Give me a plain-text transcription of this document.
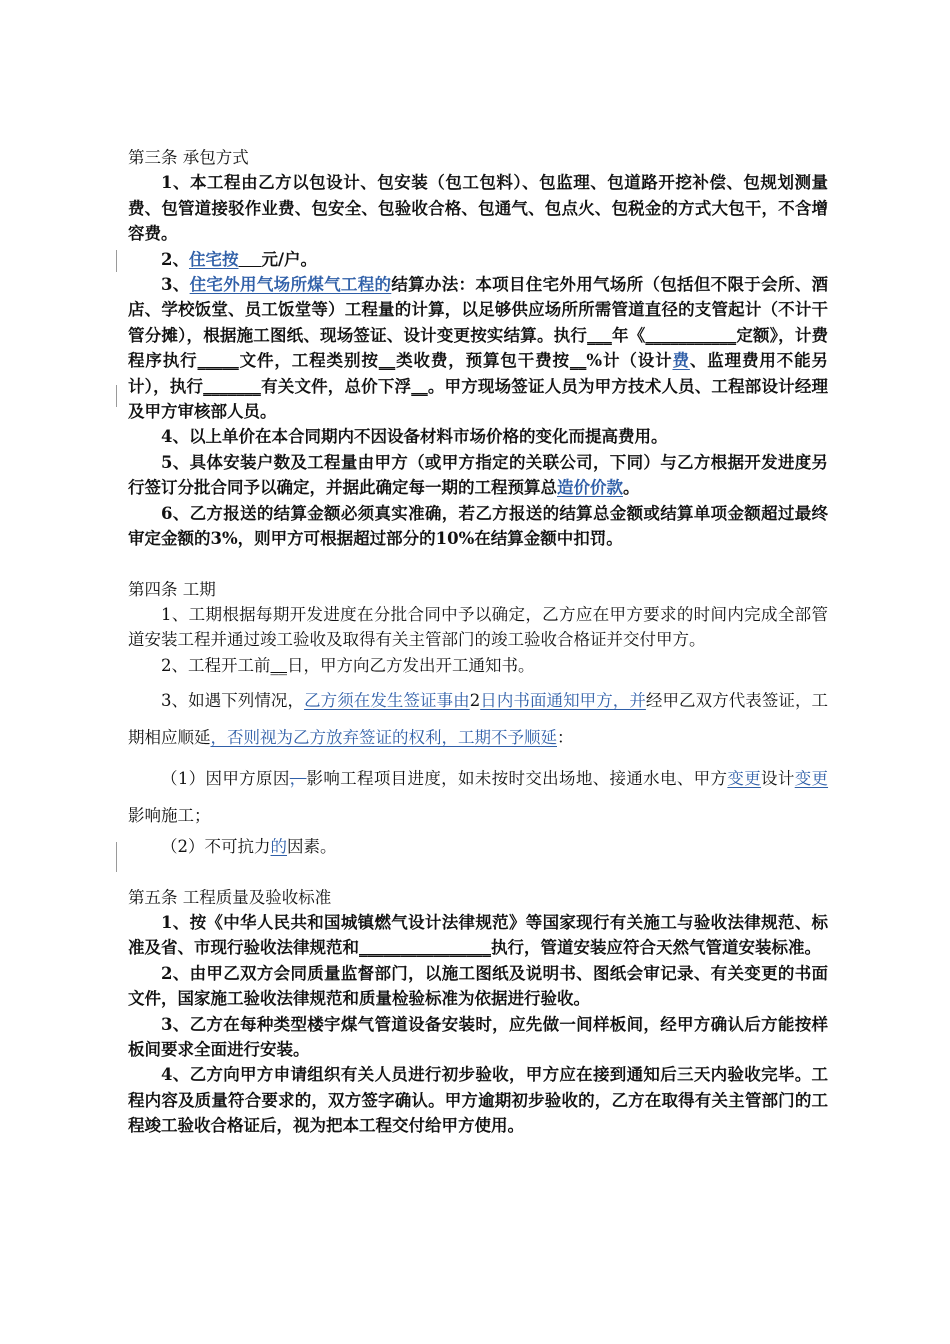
第三条 承包方式

1、本工程由乙方以包设计、包安装（包工包料）、包监理、包道路开挖补偿、包规划测量费、包管道接驳作业费、包安全、包验收合格、包通气、包点火、包税金的方式大包干，不含增容费。

2、住宅按 元/户。

3、住宅外用气场所煤气工程的结算办法：本项目住宅外用气场所（包括但不限于会所、酒店、学校饭堂、员工饭堂等）工程量的计算，以足够供应场所所需管道直径的支管起计（不计干管分摊），根据施工图纸、现场签证、设计变更按实结算。执行___年《___________定额》，计费程序执行_____文件，工程类别按__类收费，预算包干费按__%计（设计费、监理费用不能另计），执行_______有关文件，总价下浮__。甲方现场签证人员为甲方技术人员、工程部设计经理及甲方审核部人员。

4、以上单价在本合同期内不因设备材料市场价格的变化而提高费用。

5、具体安装户数及工程量由甲方（或甲方指定的关联公司，下同）与乙方根据开发进度另行签订分批合同予以确定，并据此确定每一期的工程预算总造价价款。

6、乙方报送的结算金额必须真实准确，若乙方报送的结算总金额或结算单项金额超过最终审定金额的3%，则甲方可根据超过部分的10%在结算金额中扣罚。

第四条 工期

1、工期根据每期开发进度在分批合同中予以确定，乙方应在甲方要求的时间内完成全部管道安装工程并通过竣工验收及取得有关主管部门的竣工验收合格证并交付甲方。

2、工程开工前__日，甲方向乙方发出开工通知书。

3、如遇下列情况，乙方须在发生签证事由2日内书面通知甲方，并经甲乙双方代表签证，工期相应顺延，否则视为乙方放弃签证的权利，工期不予顺延：

（1）因甲方原因，影响工程项目进度，如未按时交出场地、接通水电、甲方变更设计变更影响施工；

（2）不可抗力的因素。

第五条 工程质量及验收标准

1、按《中华人民共和国城镇燃气设计法律规范》等国家现行有关施工与验收法律规范、标准及省、市现行验收法律规范和________________执行，管道安装应符合天然气管道安装标准。

2、由甲乙双方会同质量监督部门，以施工图纸及说明书、图纸会审记录、有关变更的书面文件，国家施工验收法律规范和质量检验标准为依据进行验收。

3、乙方在每种类型楼宇煤气管道设备安装时，应先做一间样板间，经甲方确认后方能按样板间要求全面进行安装。

4、乙方向甲方申请组织有关人员进行初步验收，甲方应在接到通知后三天内验收完毕。工程内容及质量符合要求的，双方签字确认。甲方逾期初步验收的，乙方在取得有关主管部门的工程竣工验收合格证后，视为把本工程交付给甲方使用。
